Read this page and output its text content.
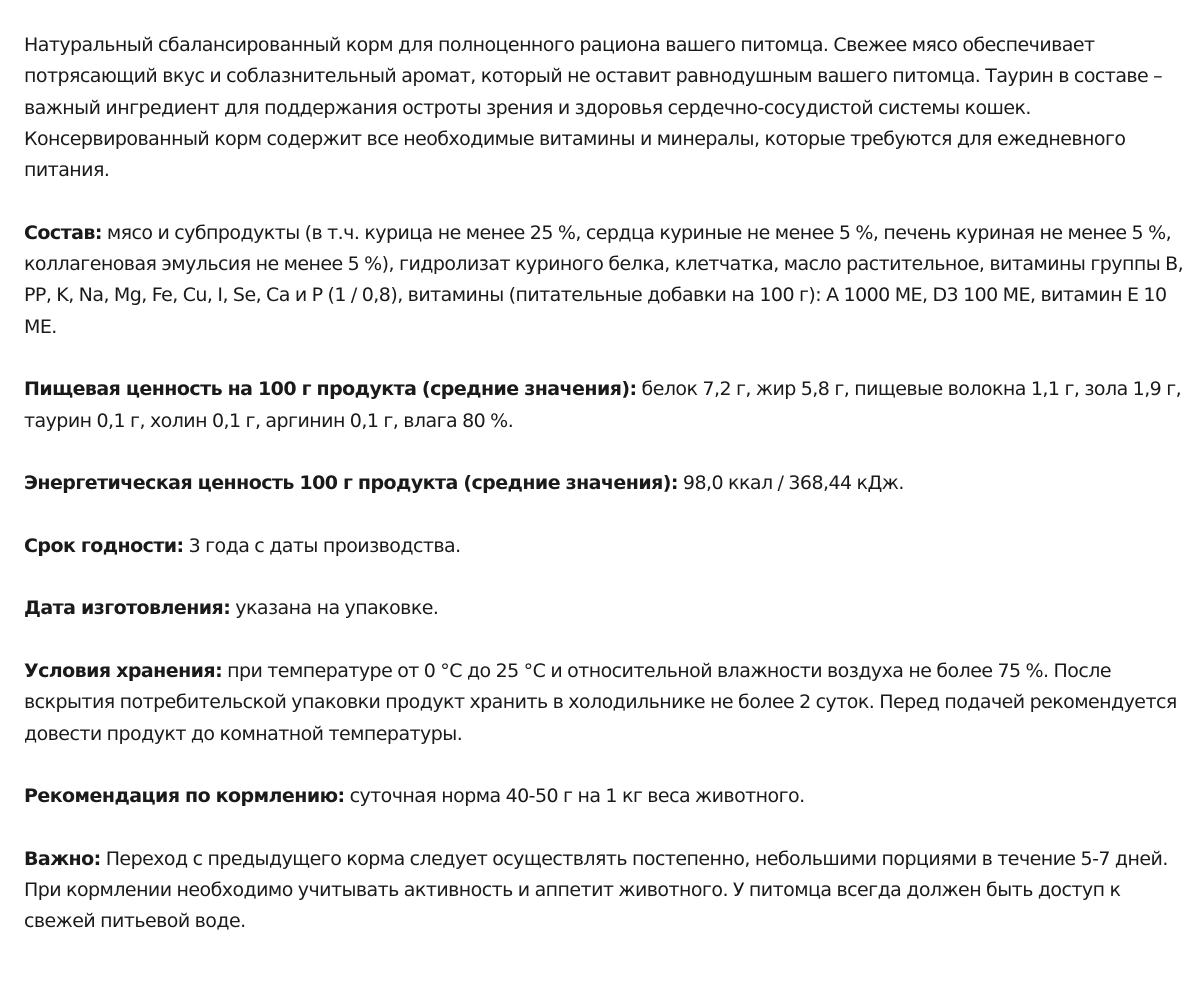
Натуральный сбалансированный корм для полноценного рациона вашего питомца. Свежее мясо обеспечивает потрясающий вкус и соблазнительный аромат, который не оставит равнодушным вашего питомца. Таурин в составе – важный ингредиент для поддержания остроты зрения и здоровья сердечно-сосудистой системы кошек. Консервированный корм содержит все необходимые витамины и минералы, которые требуются для ежедневного питания.

Состав: мясо и субпродукты (в т.ч. курица не менее 25 %, сердца куриные не менее 5 %, печень куриная не менее 5 %, коллагеновая эмульсия не менее 5 %), гидролизат куриного белка, клетчатка, масло растительное, витамины группы B, PP, K, Na, Mg, Fe, Cu, I, Se, Ca и P (1 / 0,8), витамины (питательные добавки на 100 г): A 1000 МЕ, D3 100 МЕ, витамин E 10 МЕ.

Пищевая ценность на 100 г продукта (средние значения): белок 7,2 г, жир 5,8 г, пищевые волокна 1,1 г, зола 1,9 г, таурин 0,1 г, холин 0,1 г, аргинин 0,1 г, влага 80 %.

Энергетическая ценность 100 г продукта (средние значения): 98,0 ккал / 368,44 кДж.

Срок годности: 3 года с даты производства.

Дата изготовления: указана на упаковке.

Условия хранения: при температуре от 0 °С до 25 °С и относительной влажности воздуха не более 75 %. После вскрытия потребительской упаковки продукт хранить в холодильнике не более 2 суток. Перед подачей рекомендуется довести продукт до комнатной температуры.

Рекомендация по кормлению: суточная норма 40-50 г на 1 кг веса животного.

Важно: Переход с предыдущего корма следует осуществлять постепенно, небольшими порциями в течение 5-7 дней. При кормлении необходимо учитывать активность и аппетит животного. У питомца всегда должен быть доступ к свежей питьевой воде.
